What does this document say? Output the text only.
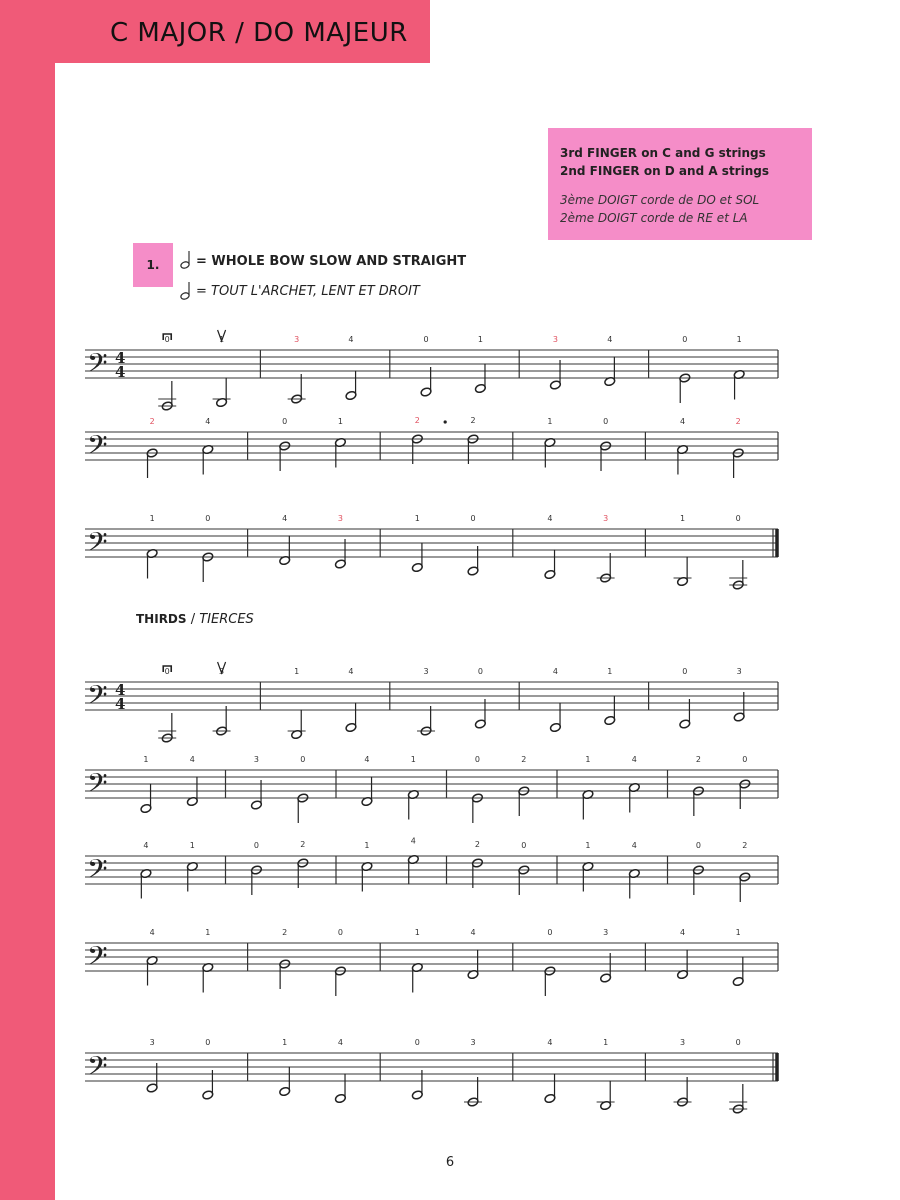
C MAJOR / DO MAJEUR
3rd FINGER on C and G strings
2nd FINGER on D and A strings
3ème DOIGT corde de DO et SOL
2ème DOIGT corde de RE et LA
1.	= WHOLE BOW SLOW AND STRAIGHT
= TOUT L'ARCHET, LENT ET DROIT
THIRDS / TIERCES
𝄢 4
4
0	1	3	4	0	1	3	4	0	1
𝄢
2	4	0	1	2	2	1	0	4	2
𝄢
1	0	4	3	1	0	4	3	1	0
𝄢 4
4
0	3	1	4	3	0	4	1	0	3
𝄢
1	4	3	0	4	1	0	2	1	4	2	0
𝄢
4	1	0	2	1	4	2	0	1	4	0	2
𝄢
4	1	2	0	1	4	0	3	4	1
𝄢
3	0	1	4	0	3	4	1	3	0
6
